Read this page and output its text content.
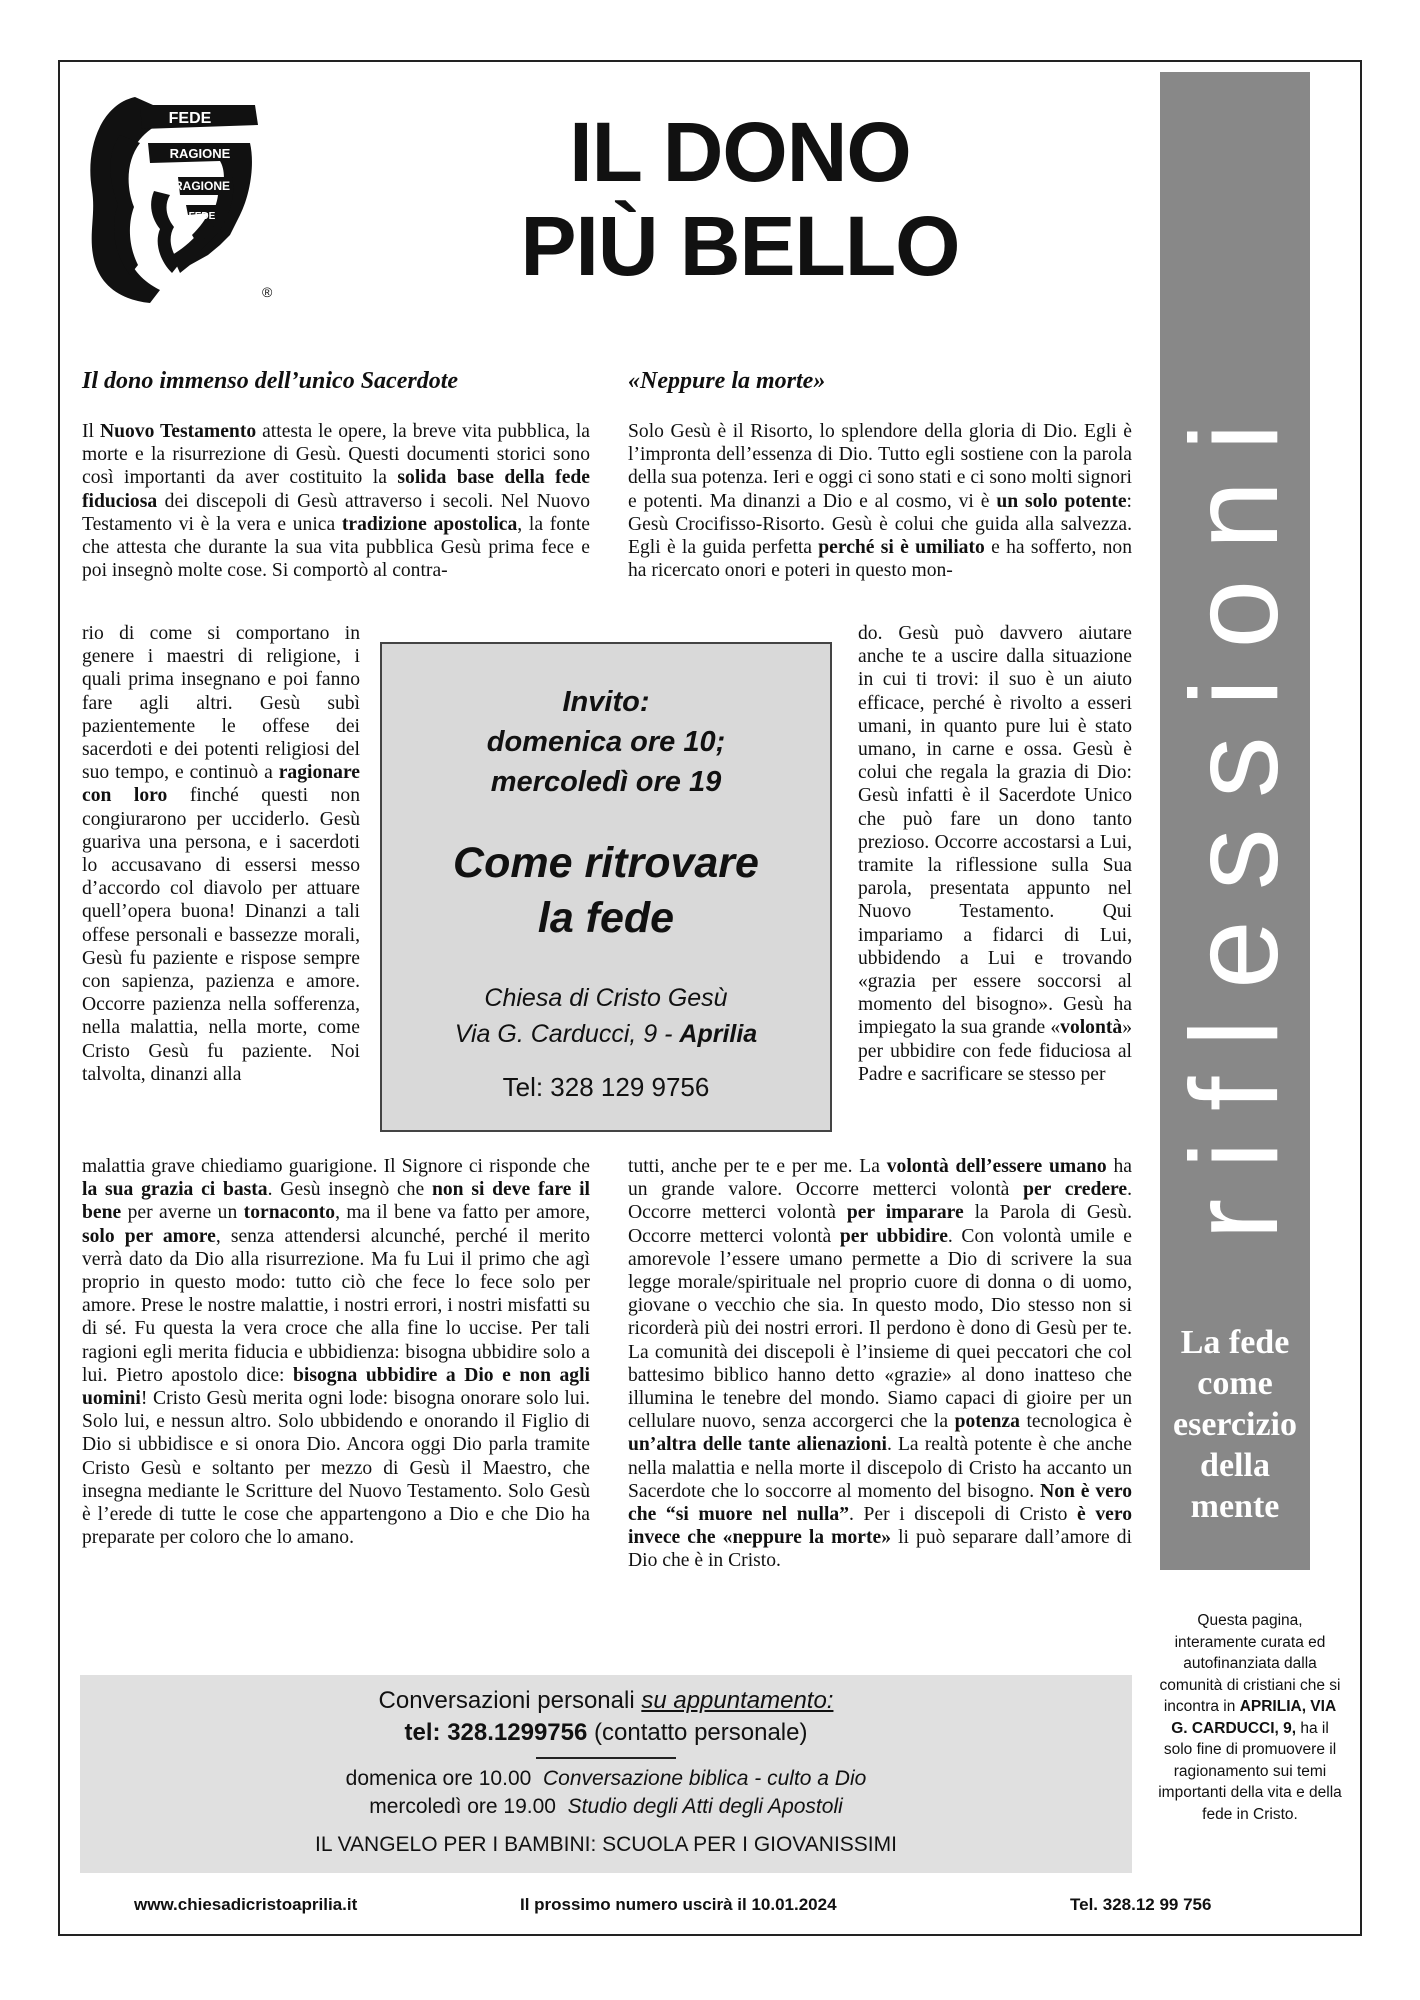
FEDE
RAGIONE
RAGIONE
FEDE
®
IL DONO
PIÙ BELLO
riflessioni
La fede
come
esercizio
della
mente
Questa pagina, interamente curata ed autofinanziata dalla comunità di cristiani che si incontra in APRILIA, VIA G. CARDUCCI, 9, ha il solo fine di promuovere il ragionamento sui temi importanti della vita e della fede in Cristo.
Il dono immenso dell’unico Sacerdote
Il Nuovo Testamento attesta le opere, la breve vita pubblica, la morte e la risurrezione di Gesù. Questi documenti storici sono così importanti da aver costituito la solida base della fede fiduciosa dei discepoli di Gesù attraverso i secoli. Nel Nuovo Testamento vi è la vera e unica tradizione apostolica, la fonte che attesta che durante la sua vita pubblica Gesù prima fece e poi insegnò molte cose. Si comportò al contra-
rio di come si comportano in genere i maestri di religione, i quali prima insegnano e poi fanno fare agli altri. Gesù subì pazientemente le offese dei sacerdoti e dei potenti religiosi del suo tempo, e continuò a ragionare con loro finché questi non congiurarono per ucciderlo. Gesù guariva una persona, e i sacerdoti lo accusavano di essersi messo d’accordo col diavolo per attuare quell’opera buona! Dinanzi a tali offese personali e bassezze morali, Gesù fu paziente e rispose sempre con sapienza, pazienza e amore. Occorre pazienza nella sofferenza, nella malattia, nella morte, come Cristo Gesù fu paziente. Noi talvolta, dinanzi alla
malattia grave chiediamo guarigione. Il Signore ci risponde che la sua grazia ci basta. Gesù insegnò che non si deve fare il bene per averne un tornaconto, ma il bene va fatto per amore, solo per amore, senza attendersi alcunché, perché il merito verrà dato da Dio alla risurrezione. Ma fu Lui il primo che agì proprio in questo modo: tutto ciò che fece lo fece solo per amore. Prese le nostre malattie, i nostri errori, i nostri misfatti su di sé. Fu questa la vera croce che alla fine lo uccise. Per tali ragioni egli merita fiducia e ubbidienza: bisogna ubbidire solo a lui. Pietro apostolo dice: bisogna ubbidire a Dio e non agli uomini! Cristo Gesù merita ogni lode: bisogna onorare solo lui. Solo lui, e nessun altro. Solo ubbidendo e onorando il Figlio di Dio si ubbidisce e si onora Dio. Ancora oggi Dio parla tramite Cristo Gesù e soltanto per mezzo di Gesù il Maestro, che insegna mediante le Scritture del Nuovo Testamento. Solo Gesù è l’erede di tutte le cose che appartengono a Dio e che Dio ha preparate per coloro che lo amano.
«Neppure la morte»
Solo Gesù è il Risorto, lo splendore della gloria di Dio. Egli è l’impronta dell’essenza di Dio. Tutto egli sostiene con la parola della sua potenza. Ieri e oggi ci sono stati e ci sono molti signori e potenti. Ma dinanzi a Dio e al cosmo, vi è un solo potente: Gesù Crocifisso-Risorto. Gesù è colui che guida alla salvezza. Egli è la guida perfetta perché si è umiliato e ha sofferto, non ha ricercato onori e poteri in questo mon-
do. Gesù può davvero aiutare anche te a uscire dalla situazione in cui ti trovi: il suo è un aiuto efficace, perché è rivolto a esseri umani, in quanto pure lui è stato umano, in carne e ossa. Gesù è colui che regala la grazia di Dio: Gesù infatti è il Sacerdote Unico che può fare un dono tanto prezioso. Occorre accostarsi a Lui, tramite la riflessione sulla Sua parola, presentata appunto nel Nuovo Testamento. Qui impariamo a fidarci di Lui, ubbidendo a Lui e trovando «grazia per essere soccorsi al momento del bisogno». Gesù ha impiegato la sua grande «volontà» per ubbidire con fede fiduciosa al Padre e sacrificare se stesso per
tutti, anche per te e per me. La volontà dell’essere umano ha un grande valore. Occorre metterci volontà per credere. Occorre metterci volontà per imparare la Parola di Gesù. Occorre metterci volontà per ubbidire. Con volontà umile e amorevole l’essere umano permette a Dio di scrivere la sua legge morale/spirituale nel proprio cuore di donna o di uomo, giovane o vecchio che sia. In questo modo, Dio stesso non si ricorderà più dei nostri errori. Il perdono è dono di Gesù per te. La comunità dei discepoli è l’insieme di quei peccatori che col battesimo biblico hanno detto «grazie» al dono inatteso che illumina le tenebre del mondo. Siamo capaci di gioire per un cellulare nuovo, senza accorgerci che la potenza tecnologica è un’altra delle tante alienazioni. La realtà potente è che anche nella malattia e nella morte il discepolo di Cristo ha accanto un Sacerdote che lo soccorre al momento del bisogno. Non è vero che “si muore nel nulla”. Per i discepoli di Cristo è vero invece che «neppure la morte» li può separare dall’amore di Dio che è in Cristo.
Invito:
domenica ore 10;
mercoledì ore 19
Come ritrovare
la fede
Chiesa di Cristo Gesù
Via G. Carducci, 9 - Aprilia
Tel: 328 129 9756
Conversazioni personali su appuntamento:
tel: 328.1299756 (contatto personale)
domenica ore 10.00 Conversazione biblica - culto a Dio
mercoledì ore 19.00 Studio degli Atti degli Apostoli
IL VANGELO PER I BAMBINI: SCUOLA PER I GIOVANISSIMI
www.chiesadicristoaprilia.it	Il prossimo numero uscirà il 10.01.2024	Tel. 328.12 99 756
